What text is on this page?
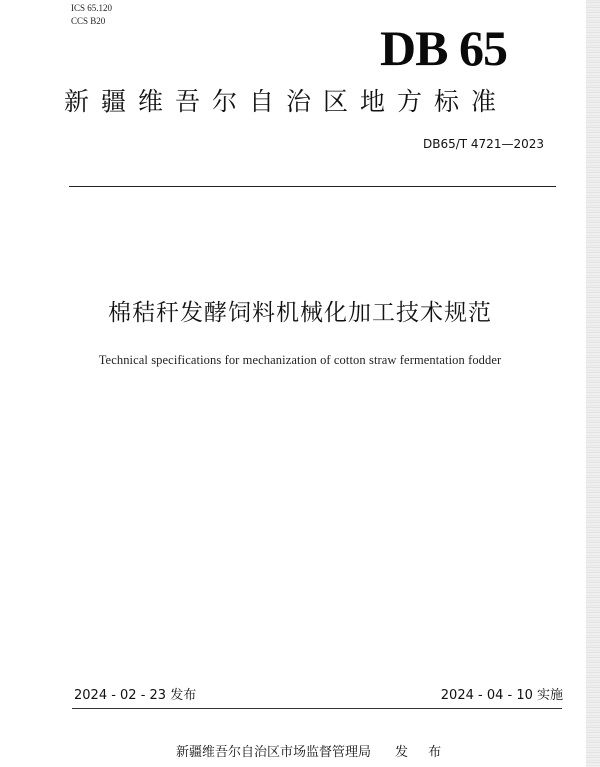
ICS 65.120
CCS B20	DB 65
新疆维吾尔自治区地方标准
DB65/T 4721—2023
棉秸秆发酵饲料机械化加工技术规范
Technical specifications for mechanization of cotton straw fermentation fodder
2024 - 02 - 23 发布	2024 - 04 - 10 实施
新疆维吾尔自治区市场监督管理局 发 布
